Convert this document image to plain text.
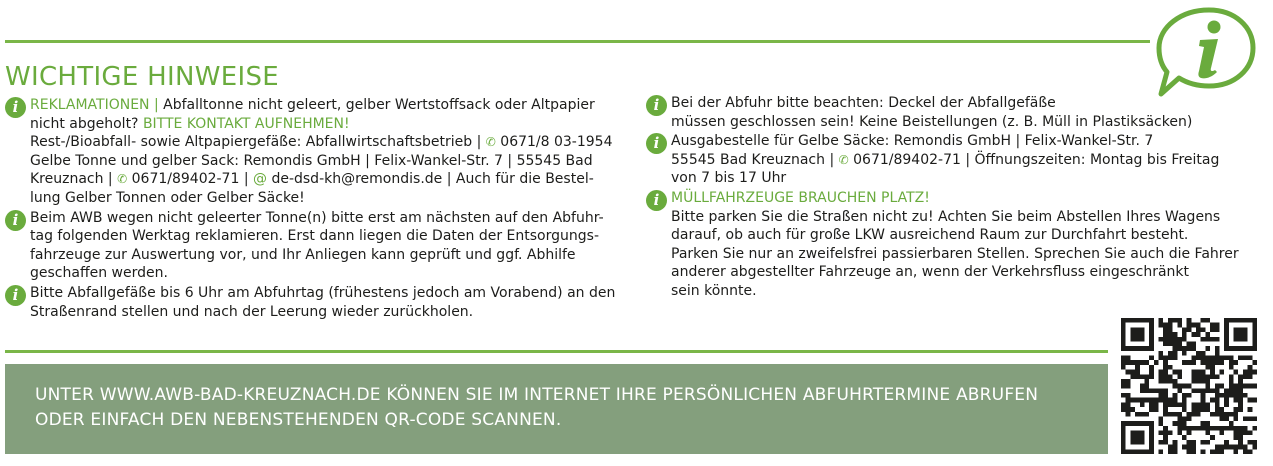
WICHTIGE HINWEISE
i REKLAMATIONEN | Abfalltonne nicht geleert, gelber Wertstoffsack oder Altpapier
nicht abgeholt? BITTE KONTAKT AUFNEHMEN!
Rest-/Bioabfall- sowie Altpapiergefäße: Abfallwirtschaftsbetrieb | ✆ 0671/8 03-1954
Gelbe Tonne und gelber Sack: Remondis GmbH | Felix-Wankel-Str. 7 | 55545 Bad
Kreuznach | ✆ 0671/89402-71 | @ de-dsd-kh@remondis.de | Auch für die Bestel-
lung Gelber Tonnen oder Gelber Säcke!
i Beim AWB wegen nicht geleerter Tonne(n) bitte erst am nächsten auf den Abfuhr-
tag folgenden Werktag reklamieren. Erst dann liegen die Daten der Entsorgungs-
fahrzeuge zur Auswertung vor, und Ihr Anliegen kann geprüft und ggf. Abhilfe
geschaffen werden.
i Bitte Abfallgefäße bis 6 Uhr am Abfuhrtag (frühestens jedoch am Vorabend) an den
Straßenrand stellen und nach der Leerung wieder zurückholen.
i Bei der Abfuhr bitte beachten: Deckel der Abfallgefäße
müssen geschlossen sein! Keine Beistellungen (z. B. Müll in Plastiksäcken)
i Ausgabestelle für Gelbe Säcke: Remondis GmbH | Felix-Wankel-Str. 7
55545 Bad Kreuznach | ✆ 0671/89402-71 | Öffnungszeiten: Montag bis Freitag
von 7 bis 17 Uhr
i MÜLLFAHRZEUGE BRAUCHEN PLATZ!
Bitte parken Sie die Straßen nicht zu! Achten Sie beim Abstellen Ihres Wagens
darauf, ob auch für große LKW ausreichend Raum zur Durchfahrt besteht.
Parken Sie nur an zweifelsfrei passierbaren Stellen. Sprechen Sie auch die Fahrer
anderer abgestellter Fahrzeuge an, wenn der Verkehrsfluss eingeschränkt
sein könnte.
UNTER WWW.AWB-BAD-KREUZNACH.DE KÖNNEN SIE IM INTERNET IHRE PERSÖNLICHEN ABFUHRTERMINE ABRUFEN
ODER EINFACH DEN NEBENSTEHENDEN QR-CODE SCANNEN.
